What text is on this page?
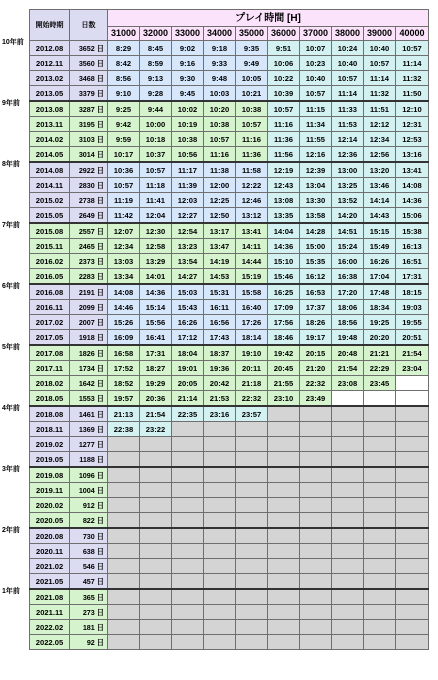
10年前
9年前
8年前
7年前
6年前
5年前
4年前
3年前
2年前
1年前
開始時期	日数	プレイ時間 [H]									
		31000	32000	33000	34000	35000	36000	37000	38000	39000	40000
2012.08	3652 日	8:29	8:45	9:02	9:18	9:35	9:51	10:07	10:24	10:40	10:57
2012.11	3560 日	8:42	8:59	9:16	9:33	9:49	10:06	10:23	10:40	10:57	11:14
2013.02	3468 日	8:56	9:13	9:30	9:48	10:05	10:22	10:40	10:57	11:14	11:32
2013.05	3379 日	9:10	9:28	9:45	10:03	10:21	10:39	10:57	11:14	11:32	11:50
2013.08	3287 日	9:25	9:44	10:02	10:20	10:38	10:57	11:15	11:33	11:51	12:10
2013.11	3195 日	9:42	10:00	10:19	10:38	10:57	11:16	11:34	11:53	12:12	12:31
2014.02	3103 日	9:59	10:18	10:38	10:57	11:16	11:36	11:55	12:14	12:34	12:53
2014.05	3014 日	10:17	10:37	10:56	11:16	11:36	11:56	12:16	12:36	12:56	13:16
2014.08	2922 日	10:36	10:57	11:17	11:38	11:58	12:19	12:39	13:00	13:20	13:41
2014.11	2830 日	10:57	11:18	11:39	12:00	12:22	12:43	13:04	13:25	13:46	14:08
2015.02	2738 日	11:19	11:41	12:03	12:25	12:46	13:08	13:30	13:52	14:14	14:36
2015.05	2649 日	11:42	12:04	12:27	12:50	13:12	13:35	13:58	14:20	14:43	15:06
2015.08	2557 日	12:07	12:30	12:54	13:17	13:41	14:04	14:28	14:51	15:15	15:38
2015.11	2465 日	12:34	12:58	13:23	13:47	14:11	14:36	15:00	15:24	15:49	16:13
2016.02	2373 日	13:03	13:29	13:54	14:19	14:44	15:10	15:35	16:00	16:26	16:51
2016.05	2283 日	13:34	14:01	14:27	14:53	15:19	15:46	16:12	16:38	17:04	17:31
2016.08	2191 日	14:08	14:36	15:03	15:31	15:58	16:25	16:53	17:20	17:48	18:15
2016.11	2099 日	14:46	15:14	15:43	16:11	16:40	17:09	17:37	18:06	18:34	19:03
2017.02	2007 日	15:26	15:56	16:26	16:56	17:26	17:56	18:26	18:56	19:25	19:55
2017.05	1918 日	16:09	16:41	17:12	17:43	18:14	18:46	19:17	19:48	20:20	20:51
2017.08	1826 日	16:58	17:31	18:04	18:37	19:10	19:42	20:15	20:48	21:21	21:54
2017.11	1734 日	17:52	18:27	19:01	19:36	20:11	20:45	21:20	21:54	22:29	23:04
2018.02	1642 日	18:52	19:29	20:05	20:42	21:18	21:55	22:32	23:08	23:45	
2018.05	1553 日	19:57	20:36	21:14	21:53	22:32	23:10	23:49			
2018.08	1461 日	21:13	21:54	22:35	23:16	23:57					
2018.11	1369 日	22:38	23:22								
2019.02	1277 日										
2019.05	1188 日										
2019.08	1096 日										
2019.11	1004 日										
2020.02	912 日										
2020.05	822 日										
2020.08	730 日										
2020.11	638 日										
2021.02	546 日										
2021.05	457 日										
2021.08	365 日										
2021.11	273 日										
2022.02	181 日										
2022.05	92 日										
